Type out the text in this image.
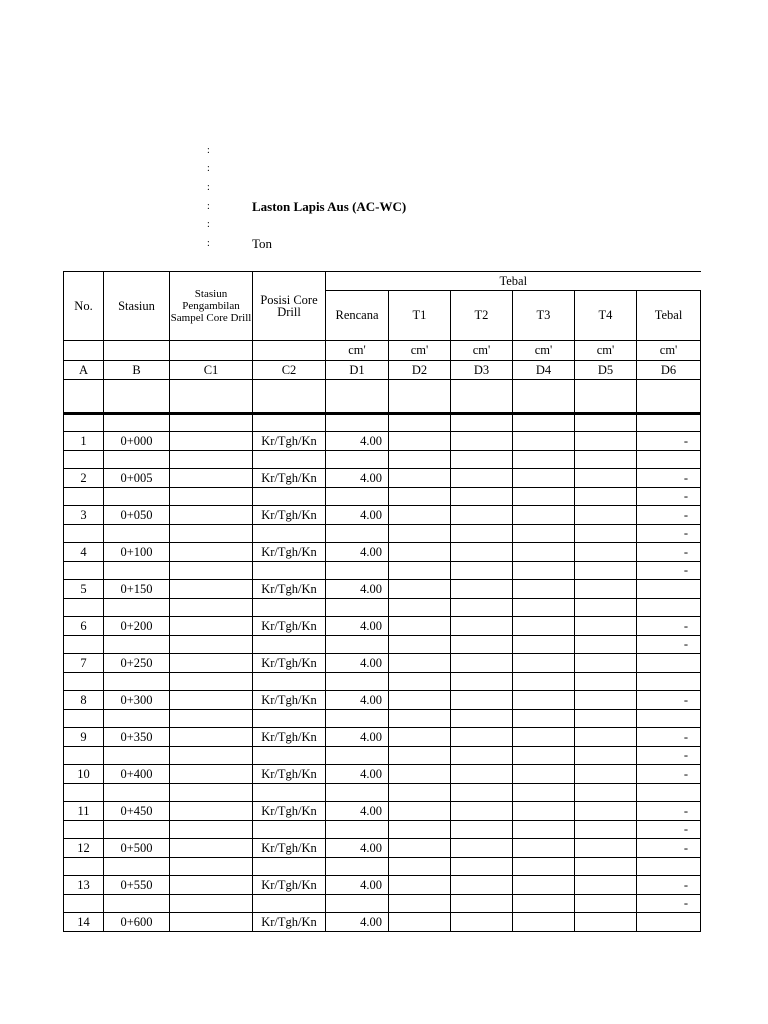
:
:
:
:
:
:
Laston Lapis Aus (AC-WC)
Ton
No.	Stasiun	Stasiun Pengambilan Sampel Core Drill	Posisi Core Drill	Tebal					
				Rencana	T1	T2	T3	T4	Tebal
				cm'	cm'	cm'	cm'	cm'	cm'
A	B	C1	C2	D1	D2	D3	D4	D5	D6

1	0+000		Kr/Tgh/Kn	4.00					-

2	0+005		Kr/Tgh/Kn	4.00					-
									-
3	0+050		Kr/Tgh/Kn	4.00					-
									-
4	0+100		Kr/Tgh/Kn	4.00					-
									-
5	0+150		Kr/Tgh/Kn	4.00					

6	0+200		Kr/Tgh/Kn	4.00					-
									-
7	0+250		Kr/Tgh/Kn	4.00					

8	0+300		Kr/Tgh/Kn	4.00					-

9	0+350		Kr/Tgh/Kn	4.00					-
									-
10	0+400		Kr/Tgh/Kn	4.00					-

11	0+450		Kr/Tgh/Kn	4.00					-
									-
12	0+500		Kr/Tgh/Kn	4.00					-

13	0+550		Kr/Tgh/Kn	4.00					-
									-
14	0+600		Kr/Tgh/Kn	4.00					
